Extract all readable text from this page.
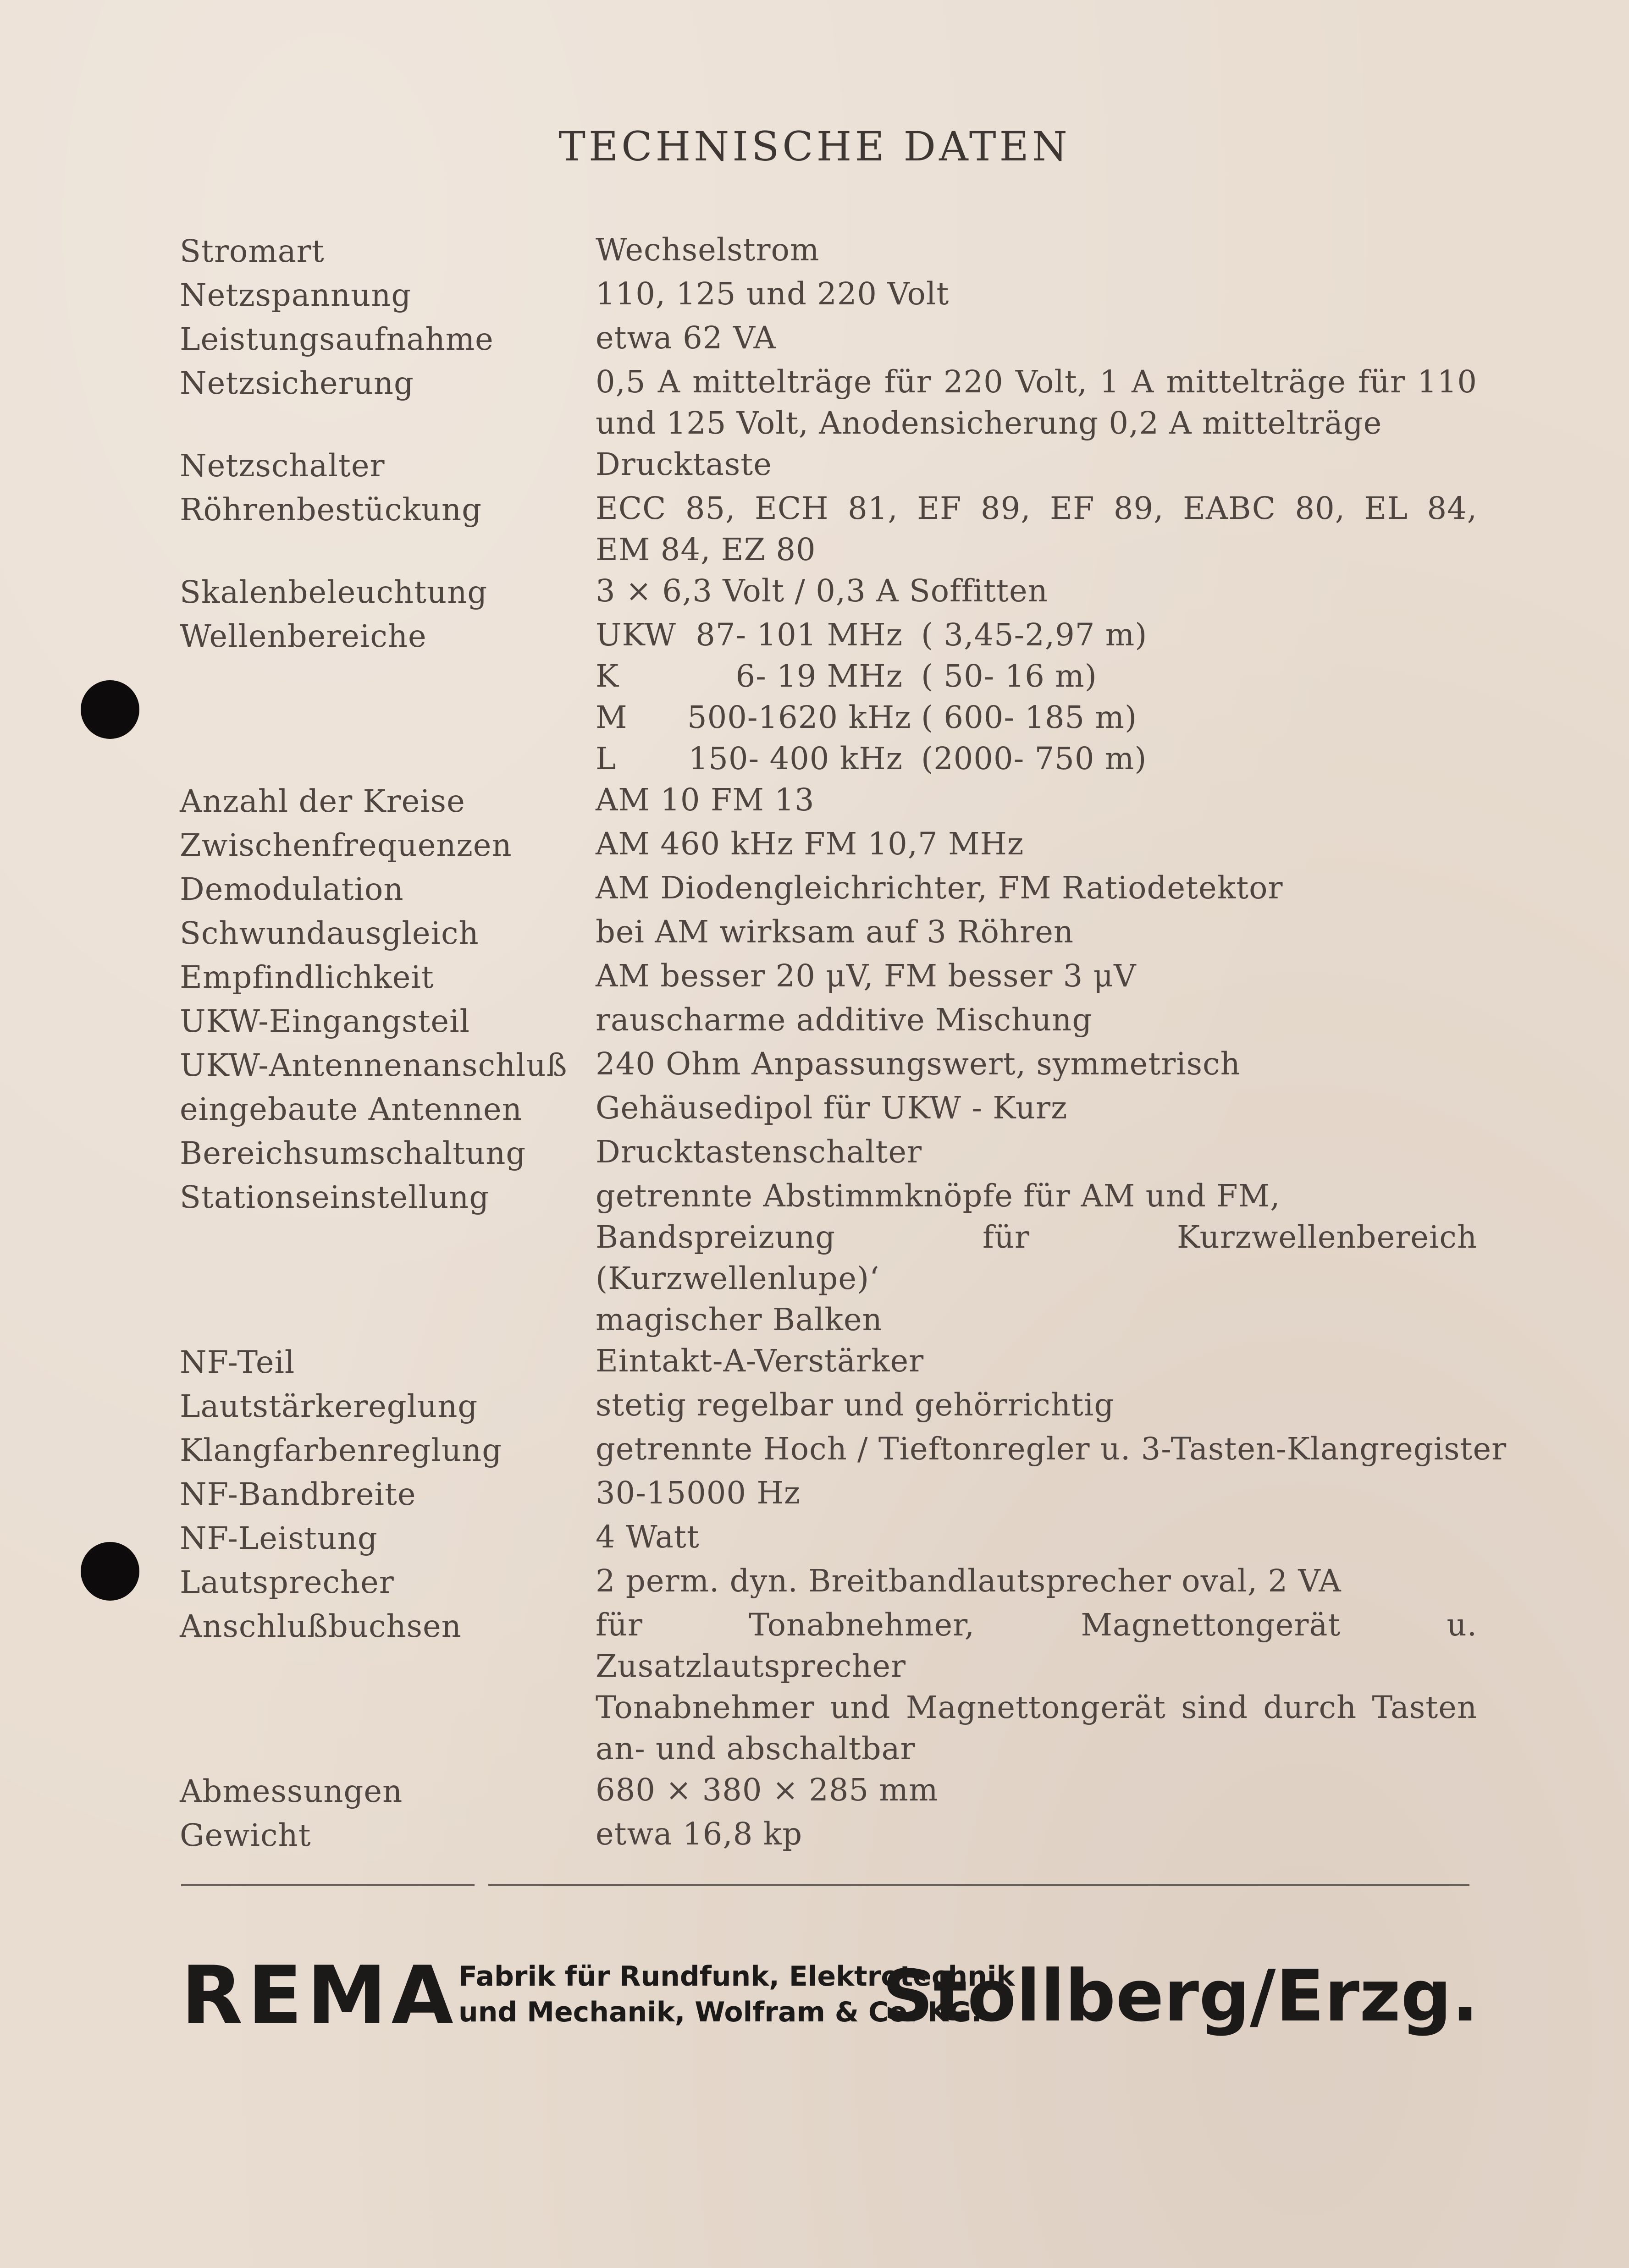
TECHNISCHE DATEN
Stromart	Wechselstrom
Netzspannung	110, 125 und 220 Volt
Leistungsaufnahme	etwa 62 VA
Netzsicherung	0,5 A mittelträge für 220 Volt, 1 A mittelträge für 110
und 125 Volt, Anodensicherung 0,2 A mittelträge
Netzschalter	Drucktaste
Röhrenbestückung	ECC 85, ECH 81, EF 89, EF 89, EABC 80, EL 84,
EM 84, EZ 80
Skalenbeleuchtung	3 × 6,3 Volt / 0,3 A Soffitten
Wellenbereiche	UKW 87- 101 MHz ( 3,45-2,97 m)
K	6- 19 MHz ( 50- 16 m)
M	500-1620 kHz ( 600- 185 m)
L	150- 400 kHz (2000- 750 m)
Anzahl der Kreise	AM 10 FM 13
Zwischenfrequenzen	AM 460 kHz FM 10,7 MHz
Demodulation	AM Diodengleichrichter, FM Ratiodetektor
Schwundausgleich	bei AM wirksam auf 3 Röhren
Empfindlichkeit	AM besser 20 μV, FM besser 3 μV
UKW-Eingangsteil	rauscharme additive Mischung
UKW-Antennenanschluß 240 Ohm Anpassungswert, symmetrisch
eingebaute Antennen	Gehäusedipol für UKW - Kurz
Bereichsumschaltung	Drucktastenschalter
Stationseinstellung	getrennte Abstimmknöpfe für AM und FM,
Bandspreizung für Kurzwellenbereich (Kurzwellenlupe)‘
magischer Balken
NF-Teil	Eintakt-A-Verstärker
Lautstärkereglung	stetig regelbar und gehörrichtig
Klangfarbenreglung	getrennte Hoch / Tieftonregler u. 3-Tasten-Klangregister
NF-Bandbreite	30-15000 Hz
NF-Leistung	4 Watt
Lautsprecher	2 perm. dyn. Breitbandlautsprecher oval, 2 VA
Anschlußbuchsen	für Tonabnehmer, Magnettongerät u. Zusatzlautsprecher
Tonabnehmer und Magnettongerät sind durch Tasten
an- und abschaltbar
Abmessungen	680 × 380 × 285 mm
Gewicht	etwa 16,8 kp
REMA Fabrik für Rundfunk, Elektrotechnik
und Mechanik, Wolfram & Co. KG.
Stollberg/Erzg.
